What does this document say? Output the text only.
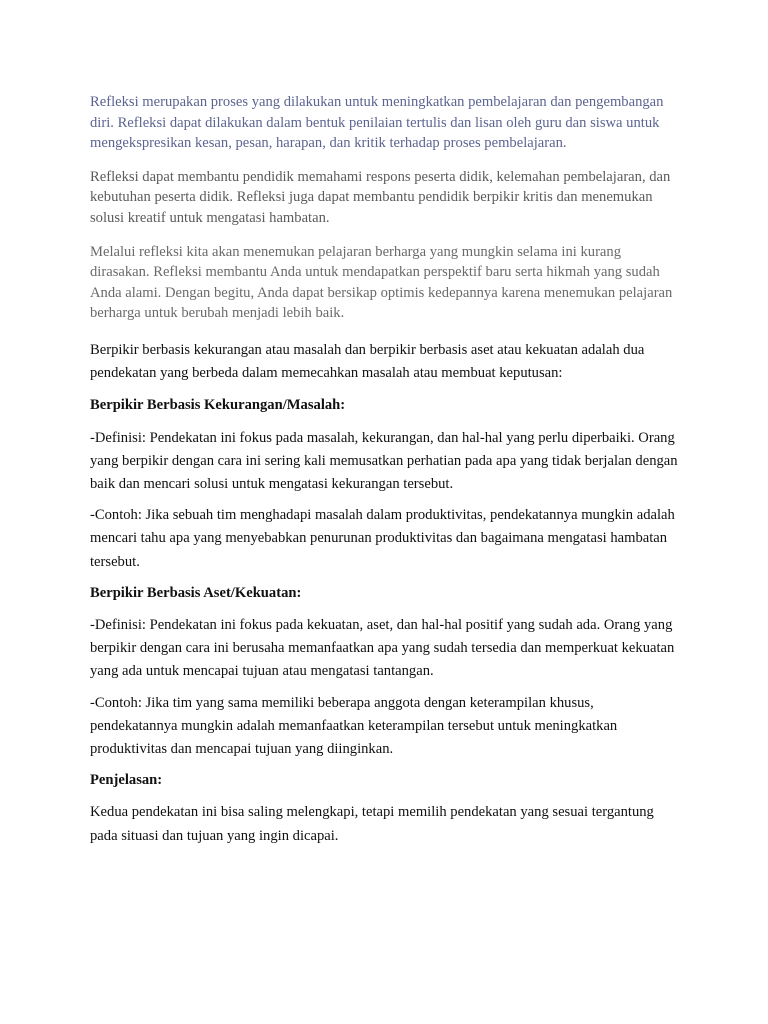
Refleksi merupakan proses yang dilakukan untuk meningkatkan pembelajaran dan pengembangan diri. Refleksi dapat dilakukan dalam bentuk penilaian tertulis dan lisan oleh guru dan siswa untuk mengekspresikan kesan, pesan, harapan, dan kritik terhadap proses pembelajaran.

Refleksi dapat membantu pendidik memahami respons peserta didik, kelemahan pembelajaran, dan kebutuhan peserta didik. Refleksi juga dapat membantu pendidik berpikir kritis dan menemukan solusi kreatif untuk mengatasi hambatan.

Melalui refleksi kita akan menemukan pelajaran berharga yang mungkin selama ini kurang dirasakan. Refleksi membantu Anda untuk mendapatkan perspektif baru serta hikmah yang sudah Anda alami. Dengan begitu, Anda dapat bersikap optimis kedepannya karena menemukan pelajaran berharga untuk berubah menjadi lebih baik.

Berpikir berbasis kekurangan atau masalah dan berpikir berbasis aset atau kekuatan adalah dua pendekatan yang berbeda dalam memecahkan masalah atau membuat keputusan:

Berpikir Berbasis Kekurangan/Masalah:

-Definisi: Pendekatan ini fokus pada masalah, kekurangan, dan hal-hal yang perlu diperbaiki. Orang yang berpikir dengan cara ini sering kali memusatkan perhatian pada apa yang tidak berjalan dengan baik dan mencari solusi untuk mengatasi kekurangan tersebut.

-Contoh: Jika sebuah tim menghadapi masalah dalam produktivitas, pendekatannya mungkin adalah mencari tahu apa yang menyebabkan penurunan produktivitas dan bagaimana mengatasi hambatan tersebut.

Berpikir Berbasis Aset/Kekuatan:

-Definisi: Pendekatan ini fokus pada kekuatan, aset, dan hal-hal positif yang sudah ada. Orang yang berpikir dengan cara ini berusaha memanfaatkan apa yang sudah tersedia dan memperkuat kekuatan yang ada untuk mencapai tujuan atau mengatasi tantangan.

-Contoh: Jika tim yang sama memiliki beberapa anggota dengan keterampilan khusus, pendekatannya mungkin adalah memanfaatkan keterampilan tersebut untuk meningkatkan produktivitas dan mencapai tujuan yang diinginkan.

Penjelasan:

Kedua pendekatan ini bisa saling melengkapi, tetapi memilih pendekatan yang sesuai tergantung pada situasi dan tujuan yang ingin dicapai.
